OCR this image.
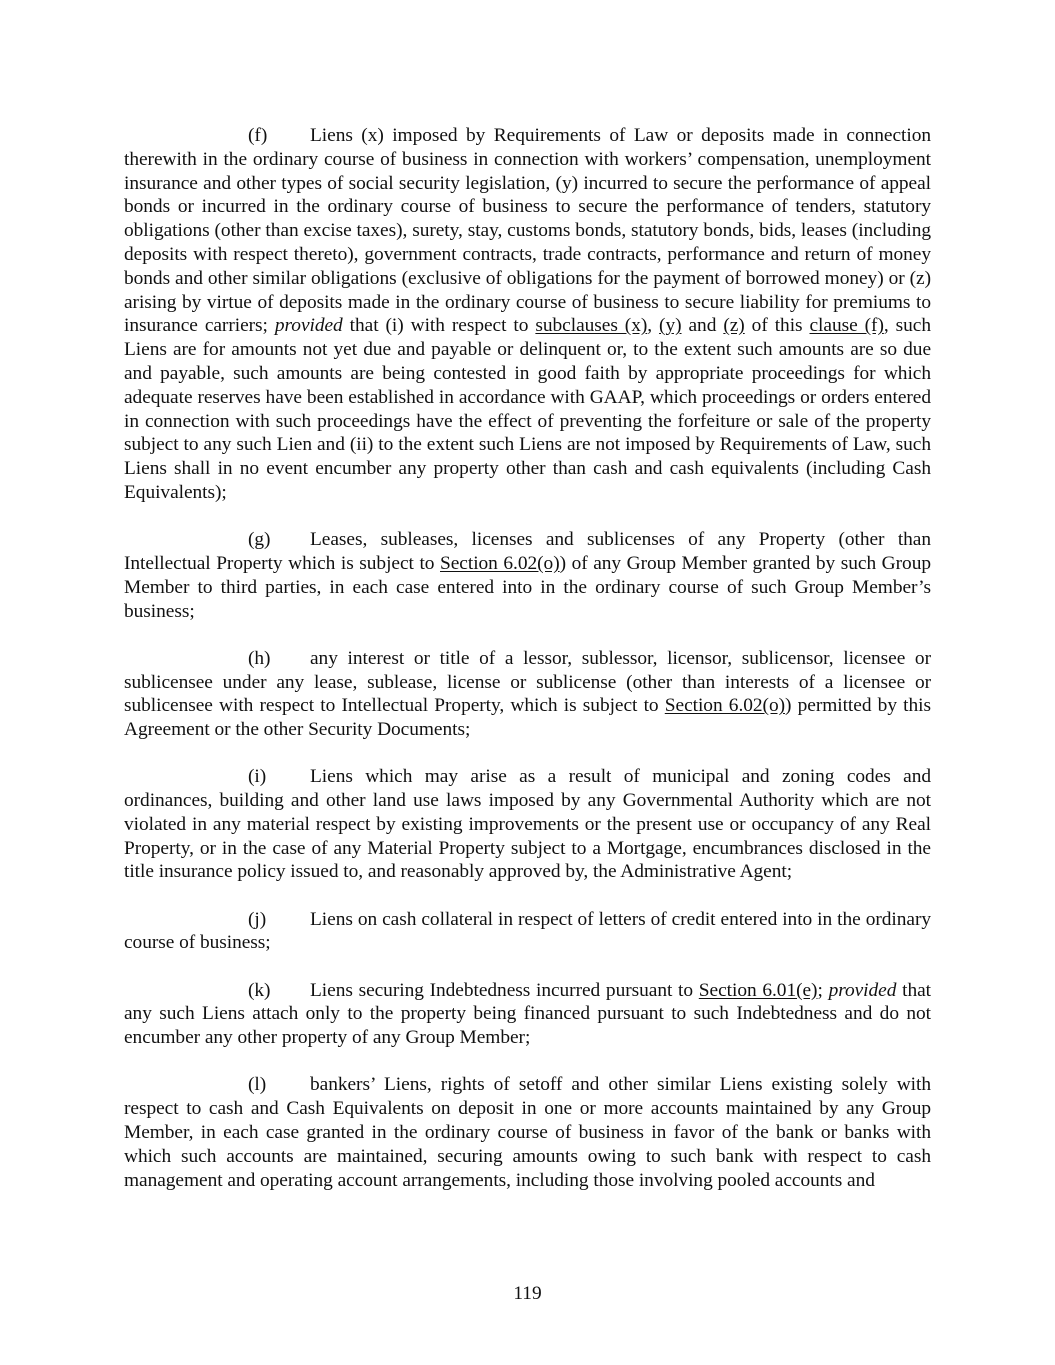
(f) Liens (x) imposed by Requirements of Law or deposits made in connection therewith in the ordinary course of business in connection with workers’ compensation, unemployment insurance and other types of social security legislation, (y) incurred to secure the performance of appeal bonds or incurred in the ordinary course of business to secure the performance of tenders, statutory obligations (other than excise taxes), surety, stay, customs bonds, statutory bonds, bids, leases (including deposits with respect thereto), government contracts, trade contracts, performance and return of money bonds and other similar obligations (exclusive of obligations for the payment of borrowed money) or (z) arising by virtue of deposits made in the ordinary course of business to secure liability for premiums to insurance carriers; provided that (i) with respect to subclauses (x), (y) and (z) of this clause (f), such Liens are for amounts not yet due and payable or delinquent or, to the extent such amounts are so due and payable, such amounts are being contested in good faith by appropriate proceedings for which adequate reserves have been established in accordance with GAAP, which proceedings or orders entered in connection with such proceedings have the effect of preventing the forfeiture or sale of the property subject to any such Lien and (ii) to the extent such Liens are not imposed by Requirements of Law, such Liens shall in no event encumber any property other than cash and cash equivalents (including Cash Equivalents);

(g) Leases, subleases, licenses and sublicenses of any Property (other than Intellectual Property which is subject to Section 6.02(o)) of any Group Member granted by such Group Member to third parties, in each case entered into in the ordinary course of such Group Member’s business;

(h) any interest or title of a lessor, sublessor, licensor, sublicensor, licensee or sublicensee under any lease, sublease, license or sublicense (other than interests of a licensee or sublicensee with respect to Intellectual Property, which is subject to Section 6.02(o)) permitted by this Agreement or the other Security Documents;

(i) Liens which may arise as a result of municipal and zoning codes and ordinances, building and other land use laws imposed by any Governmental Authority which are not violated in any material respect by existing improvements or the present use or occupancy of any Real Property, or in the case of any Material Property subject to a Mortgage, encumbrances disclosed in the title insurance policy issued to, and reasonably approved by, the Administrative Agent;

(j) Liens on cash collateral in respect of letters of credit entered into in the ordinary course of business;

(k) Liens securing Indebtedness incurred pursuant to Section 6.01(e); provided that any such Liens attach only to the property being financed pursuant to such Indebtedness and do not encumber any other property of any Group Member;

(l) bankers’ Liens, rights of setoff and other similar Liens existing solely with respect to cash and Cash Equivalents on deposit in one or more accounts maintained by any Group Member, in each case granted in the ordinary course of business in favor of the bank or banks with which such accounts are maintained, securing amounts owing to such bank with respect to cash management and operating account arrangements, including those involving pooled accounts and

119
